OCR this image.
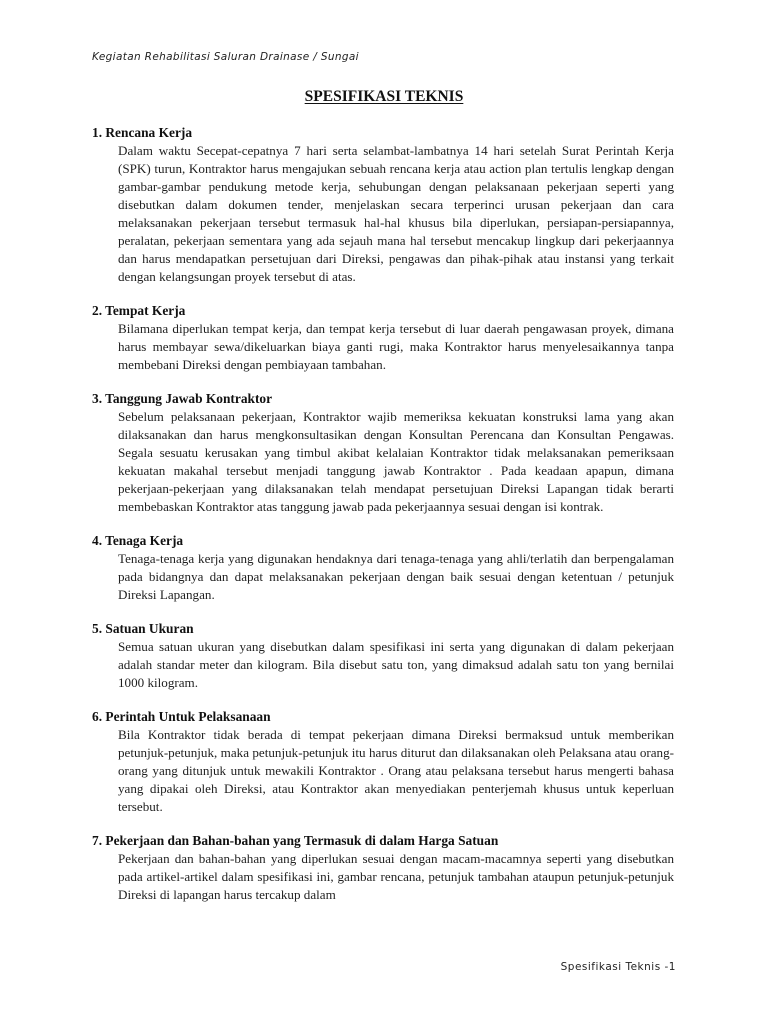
Kegiatan Rehabilitasi Saluran Drainase / Sungai
SPESIFIKASI TEKNIS

1. Rencana Kerja

Dalam waktu Secepat-cepatnya 7 hari serta selambat-lambatnya 14 hari setelah Surat Perintah Kerja (SPK) turun, Kontraktor harus mengajukan sebuah rencana kerja atau action plan tertulis lengkap dengan gambar-gambar pendukung metode kerja, sehubungan dengan pelaksanaan pekerjaan seperti yang disebutkan dalam dokumen tender, menjelaskan secara terperinci urusan pekerjaan dan cara melaksanakan pekerjaan tersebut termasuk hal-hal khusus bila diperlukan, persiapan-persiapannya, peralatan, pekerjaan sementara yang ada sejauh mana hal tersebut mencakup lingkup dari pekerjaannya dan harus mendapatkan persetujuan dari Direksi, pengawas dan pihak-pihak atau instansi yang terkait dengan kelangsungan proyek tersebut di atas.

2. Tempat Kerja

Bilamana diperlukan tempat kerja, dan tempat kerja tersebut di luar daerah pengawasan proyek, dimana harus membayar sewa/dikeluarkan biaya ganti rugi, maka Kontraktor harus menyelesaikannya tanpa membebani Direksi dengan pembiayaan tambahan.

3. Tanggung Jawab Kontraktor

Sebelum pelaksanaan pekerjaan, Kontraktor wajib memeriksa kekuatan konstruksi lama yang akan dilaksanakan dan harus mengkonsultasikan dengan Konsultan Perencana dan Konsultan Pengawas. Segala sesuatu kerusakan yang timbul akibat kelalaian Kontraktor tidak melaksanakan pemeriksaan kekuatan makahal tersebut menjadi tanggung jawab Kontraktor . Pada keadaan apapun, dimana pekerjaan-pekerjaan yang dilaksanakan telah mendapat persetujuan Direksi Lapangan tidak berarti membebaskan Kontraktor atas tanggung jawab pada pekerjaannya sesuai dengan isi kontrak.

4. Tenaga Kerja

Tenaga-tenaga kerja yang digunakan hendaknya dari tenaga-tenaga yang ahli/terlatih dan berpengalaman pada bidangnya dan dapat melaksanakan pekerjaan dengan baik sesuai dengan ketentuan / petunjuk Direksi Lapangan.

5. Satuan Ukuran

Semua satuan ukuran yang disebutkan dalam spesifikasi ini serta yang digunakan di dalam pekerjaan adalah standar meter dan kilogram. Bila disebut satu ton, yang dimaksud adalah satu ton yang bernilai 1000 kilogram.

6. Perintah Untuk Pelaksanaan

Bila Kontraktor tidak berada di tempat pekerjaan dimana Direksi bermaksud untuk memberikan petunjuk-petunjuk, maka petunjuk-petunjuk itu harus diturut dan dilaksanakan oleh Pelaksana atau orang-orang yang ditunjuk untuk mewakili Kontraktor . Orang atau pelaksana tersebut harus mengerti bahasa yang dipakai oleh Direksi, atau Kontraktor akan menyediakan penterjemah khusus untuk keperluan tersebut.

7. Pekerjaan dan Bahan-bahan yang Termasuk di dalam Harga Satuan

Pekerjaan dan bahan-bahan yang diperlukan sesuai dengan macam-macamnya seperti yang disebutkan pada artikel-artikel dalam spesifikasi ini, gambar rencana, petunjuk tambahan ataupun petunjuk-petunjuk Direksi di lapangan harus tercakup dalam

Spesifikasi Teknis -1
